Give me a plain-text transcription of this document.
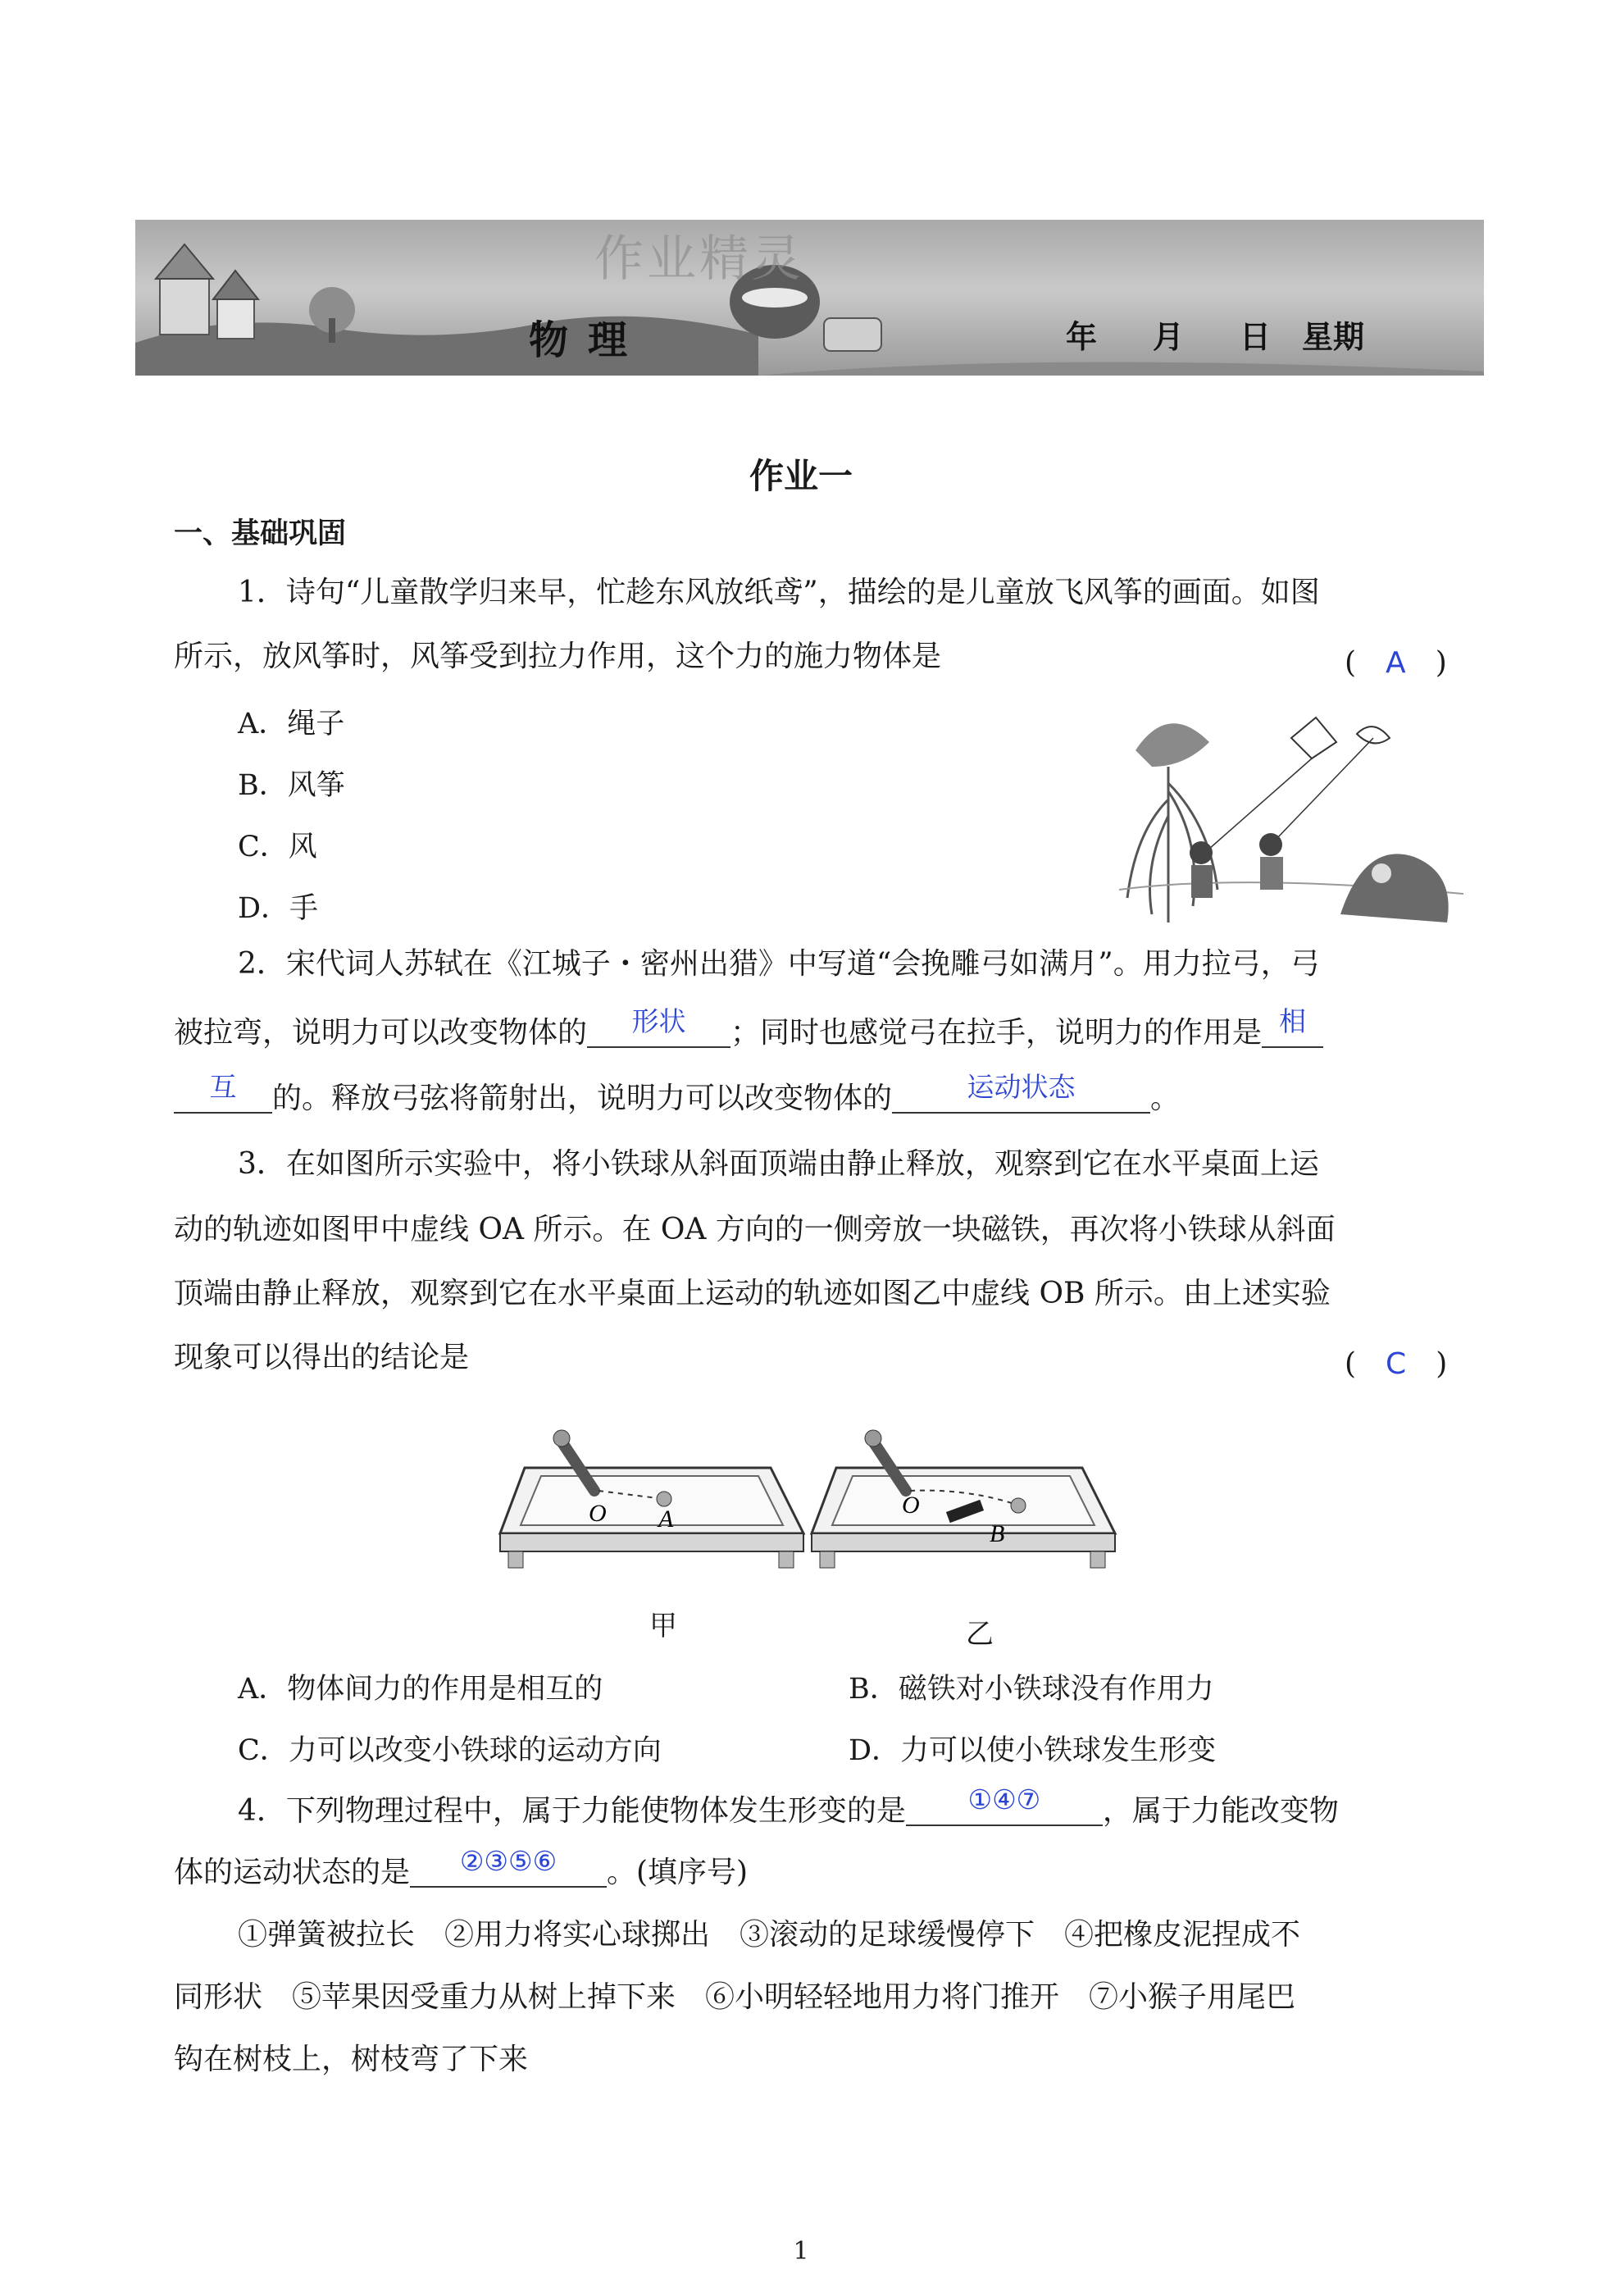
作业精灵
物理	年 月 日 星期
作业一
一、基础巩固
1．诗句“儿童散学归来早，忙趁东风放纸鸢”，描绘的是儿童放飞风筝的画面。如图
所示，放风筝时，风筝受到拉力作用，这个力的施力物体是	(　A　)
A．绳子
B．风筝
C．风
D．手
2．宋代词人苏轼在《江城子・密州出猎》中写道“会挽雕弓如满月”。用力拉弓，弓
被拉弯，说明力可以改变物体的 形状 ；同时也感觉弓在拉手，说明力的作用是 相
互 的。释放弓弦将箭射出，说明力可以改变物体的	运动状态	。
3．在如图所示实验中，将小铁球从斜面顶端由静止释放，观察到它在水平桌面上运
动的轨迹如图甲中虚线 OA 所示。在 OA 方向的一侧旁放一块磁铁，再次将小铁球从斜面
顶端由静止释放，观察到它在水平桌面上运动的轨迹如图乙中虚线 OB 所示。由上述实验
现象可以得出的结论是	(　C　)
O A
O
B
甲	乙
A．物体间力的作用是相互的	B．磁铁对小铁球没有作用力
C．力可以改变小铁球的运动方向	D．力可以使小铁球发生形变
4．下列物理过程中，属于力能使物体发生形变的是 ①④⑦ ，属于力能改变物
体的运动状态的是 ②③⑤⑥ 。(填序号)
①弹簧被拉长　②用力将实心球掷出　③滚动的足球缓慢停下　④把橡皮泥捏成不
同形状　⑤苹果因受重力从树上掉下来　⑥小明轻轻地用力将门推开　⑦小猴子用尾巴
钩在树枝上，树枝弯了下来
1
